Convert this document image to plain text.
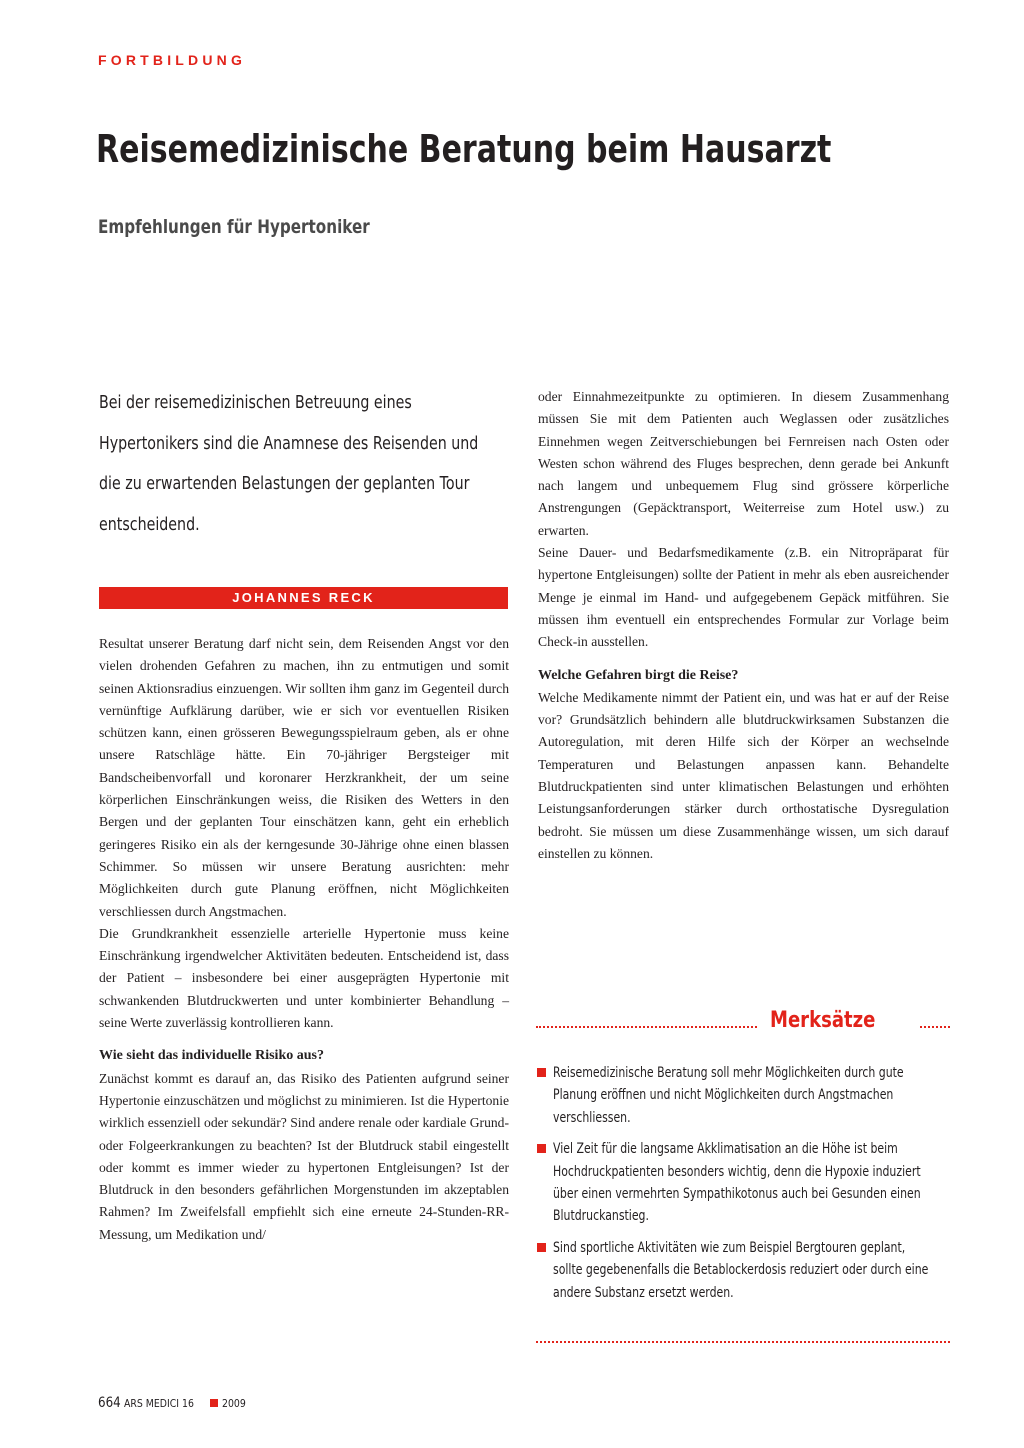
FORTBILDUNG
Reisemedizinische Beratung beim Hausarzt
Empfehlungen für Hypertoniker

Bei der reisemedizinischen Betreuung eines Hypertonikers sind die Anamnese des Reisenden und die zu erwartenden Belastungen der geplanten Tour entscheidend.

JOHANNES RECK

Resultat unserer Beratung darf nicht sein, dem Reisenden Angst vor den vielen drohenden Gefahren zu machen, ihn zu entmutigen und somit seinen Aktionsradius einzuengen. Wir sollten ihm ganz im Gegenteil durch vernünftige Aufklärung darüber, wie er sich vor eventuellen Risiken schützen kann, einen grösseren Bewegungsspielraum geben, als er ohne unsere Ratschläge hätte. Ein 70-jähriger Bergsteiger mit Bandscheibenvorfall und koronarer Herzkrankheit, der um seine körperlichen Einschränkungen weiss, die Risiken des Wetters in den Bergen und der geplanten Tour einschätzen kann, geht ein erheblich geringeres Risiko ein als der kerngesunde 30-Jährige ohne einen blassen Schimmer. So müssen wir unsere Beratung ausrichten: mehr Möglichkeiten durch gute Planung eröffnen, nicht Möglichkeiten verschliessen durch Angstmachen.

Die Grundkrankheit essenzielle arterielle Hypertonie muss keine Einschränkung irgendwelcher Aktivitäten bedeuten. Entscheidend ist, dass der Patient – insbesondere bei einer ausgeprägten Hypertonie mit schwankenden Blutdruckwerten und unter kombinierter Behandlung – seine Werte zuverlässig kontrollieren kann.

Wie sieht das individuelle Risiko aus?

Zunächst kommt es darauf an, das Risiko des Patienten aufgrund seiner Hypertonie einzuschätzen und möglichst zu minimieren. Ist die Hypertonie wirklich essenziell oder sekundär? Sind andere renale oder kardiale Grund- oder Folgeerkrankungen zu beachten? Ist der Blutdruck stabil eingestellt oder kommt es immer wieder zu hypertonen Entgleisungen? Ist der Blutdruck in den besonders gefährlichen Morgenstunden im akzeptablen Rahmen? Im Zweifelsfall empfiehlt sich eine erneute 24-Stunden-RR-Messung, um Medikation und/

oder Einnahmezeitpunkte zu optimieren. In diesem Zusammenhang müssen Sie mit dem Patienten auch Weglassen oder zusätzliches Einnehmen wegen Zeitverschiebungen bei Fernreisen nach Osten oder Westen schon während des Fluges besprechen, denn gerade bei Ankunft nach langem und unbequemem Flug sind grössere körperliche Anstrengungen (Gepäcktransport, Weiterreise zum Hotel usw.) zu erwarten.

Seine Dauer- und Bedarfsmedikamente (z.B. ein Nitropräparat für hypertone Entgleisungen) sollte der Patient in mehr als eben ausreichender Menge je einmal im Hand- und aufgegebenem Gepäck mitführen. Sie müssen ihm eventuell ein entsprechendes Formular zur Vorlage beim Check-in ausstellen.

Welche Gefahren birgt die Reise?

Welche Medikamente nimmt der Patient ein, und was hat er auf der Reise vor? Grundsätzlich behindern alle blutdruckwirksamen Substanzen die Autoregulation, mit deren Hilfe sich der Körper an wechselnde Temperaturen und Belastungen anpassen kann. Behandelte Blutdruckpatienten sind unter klimatischen Belastungen und erhöhten Leistungsanforderungen stärker durch orthostatische Dysregulation bedroht. Sie müssen um diese Zusammenhänge wissen, um sich darauf einstellen zu können.

Merksätze
Reisemedizinische Beratung soll mehr Möglichkeiten durch gute Planung eröffnen und nicht Möglichkeiten durch Angstmachen verschliessen.
Viel Zeit für die langsame Akklimatisation an die Höhe ist beim Hochdruckpatienten besonders wichtig, denn die Hypoxie induziert über einen vermehrten Sympathikotonus auch bei Gesunden einen Blutdruckanstieg.
Sind sportliche Aktivitäten wie zum Beispiel Bergtouren geplant, sollte gegebenenfalls die Betablockerdosis reduziert oder durch eine andere Substanz ersetzt werden.
664 ARS MEDICI 16	2009
